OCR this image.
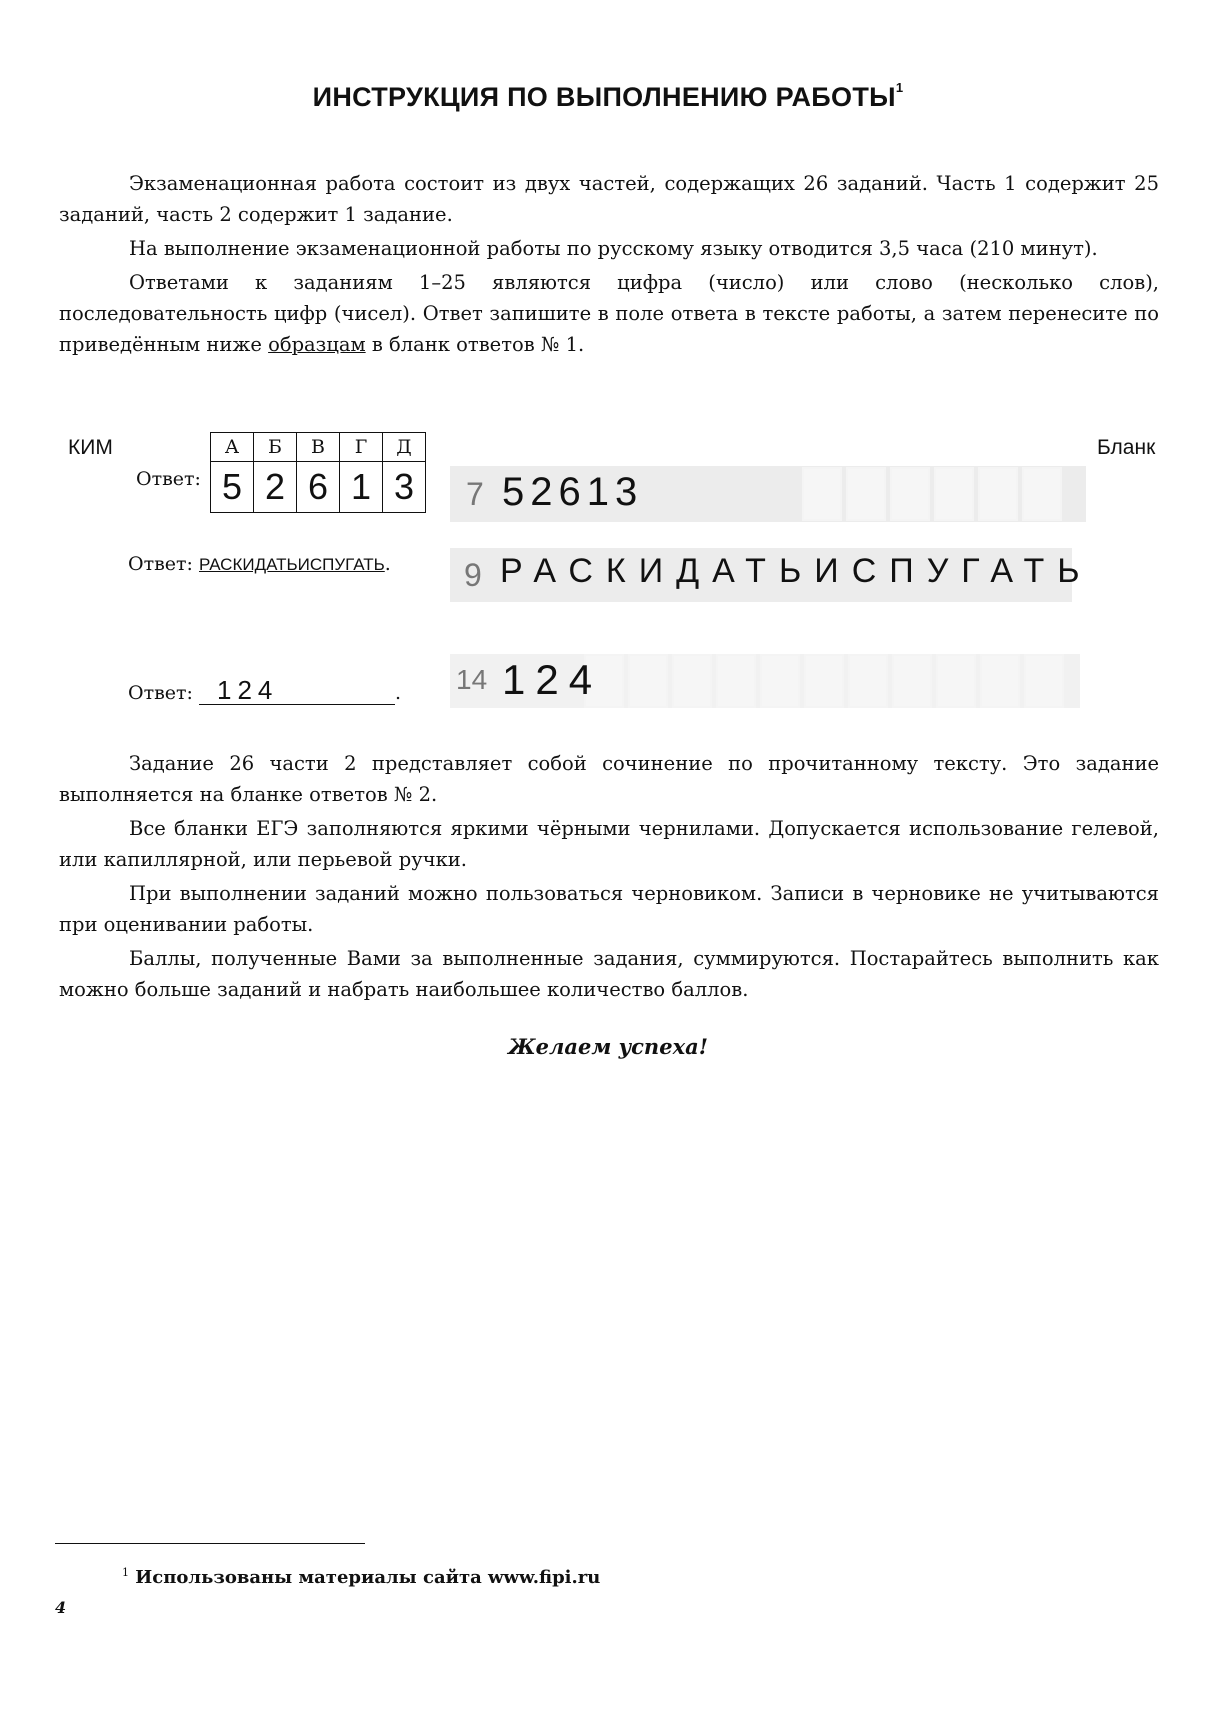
ИНСТРУКЦИЯ ПО ВЫПОЛНЕНИЮ РАБОТЫ$^1$

Экзаменационная работа состоит из двух частей, содержащих 26 заданий. Часть 1 содержит 25 заданий, часть 2 содержит 1 задание.

На выполнение экзаменационной работы по русскому языку отводится 3,5 часа (210 минут).

Ответами к заданиям 1–25 являются цифра (число) или слово (несколько слов), последовательность цифр (чисел). Ответ запишите в поле ответа в тексте работы, а затем перенесите по приведённым ниже образцам в бланк ответов № 1.

КИМ	Бланк
Ответ:
А	Б	В	Г	Д
5	2	6	1	3 7 52613
Ответ: РАСКИДАТЬИСПУГАТЬ. 9 РАСКИДАТЬИСПУГАТЬ
Ответ: 124	. 14 124

Задание 26 части 2 представляет собой сочинение по прочитанному тексту. Это задание выполняется на бланке ответов № 2.

Все бланки ЕГЭ заполняются яркими чёрными чернилами. Допускается использование гелевой, или капиллярной, или перьевой ручки.

При выполнении заданий можно пользоваться черновиком. Записи в черновике не учитываются при оценивании работы.

Баллы, полученные Вами за выполненные задания, суммируются. Постарайтесь выполнить как можно больше заданий и набрать наибольшее количество баллов.

Желаем успеха!
$^1$ Использованы материалы сайта www.fipi.ru
4
